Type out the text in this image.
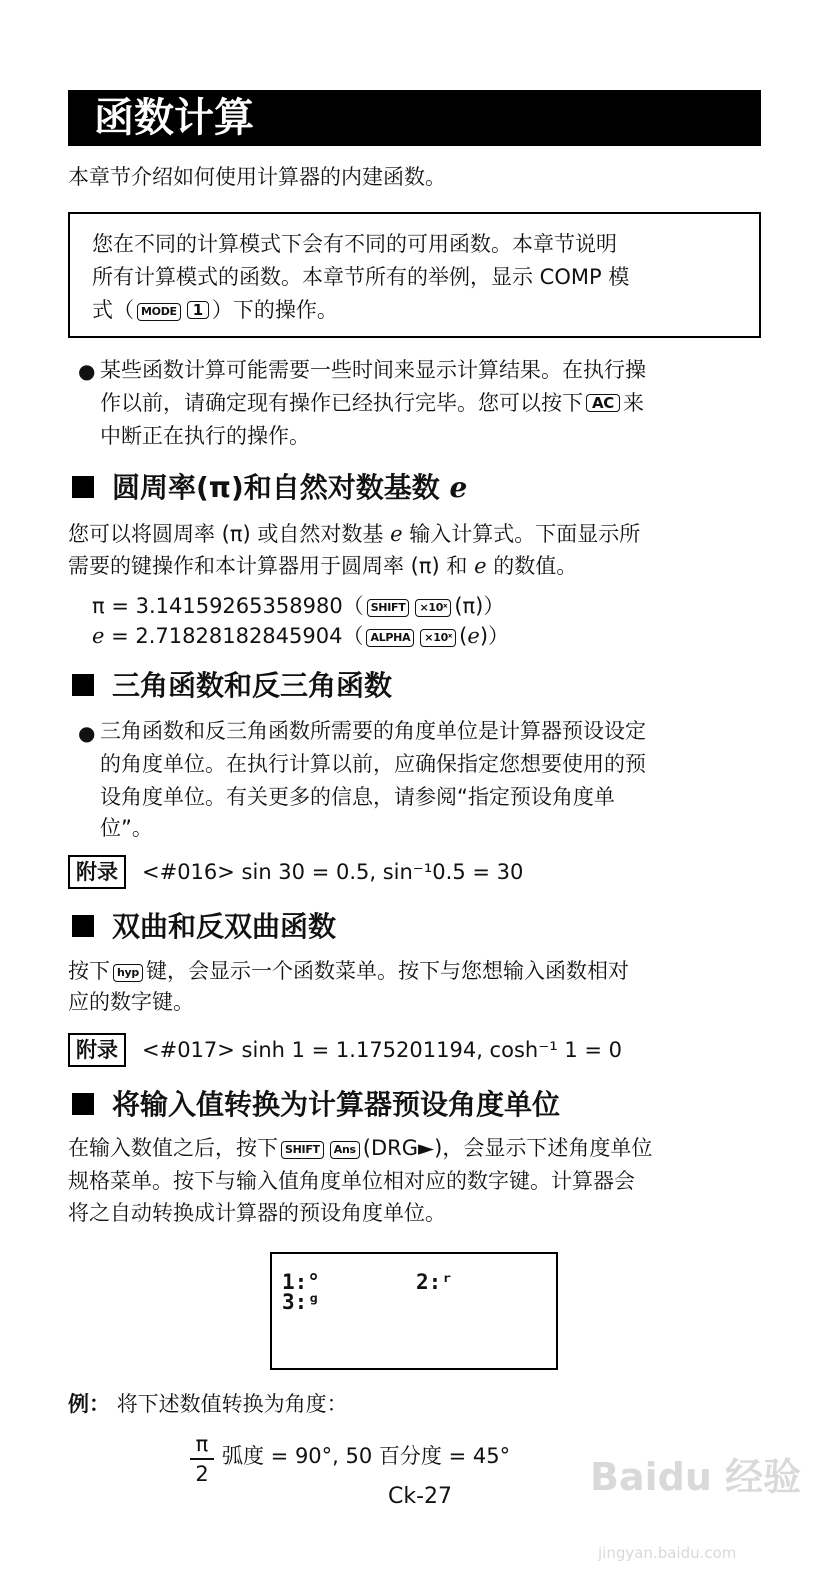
函数计算
本章节介绍如何使用计算器的内建函数。
您在不同的计算模式下会有不同的可用函数。本章节说明
所有计算模式的函数。本章节所有的举例，显示 COMP 模
式（ MODE 1 ）下的操作。
● 某些函数计算可能需要一些时间来显示计算结果。在执行操
作以前，请确定现有操作已经执行完毕。您可以按下 AC 来
中断正在执行的操作。
圆周率(π)和自然对数基数 e
您可以将圆周率 (π) 或自然对数基 e 输入计算式。下面显示所
需要的键操作和本计算器用于圆周率 (π) 和 e 的数值。
π = 3.14159265358980（ SHIFT ×10ˣ (π)）
e = 2.71828182845904（ ALPHA ×10ˣ (e)）
三角函数和反三角函数
● 三角函数和反三角函数所需要的角度单位是计算器预设设定
的角度单位。在执行计算以前，应确保指定您想要使用的预
设角度单位。有关更多的信息，请参阅“指定预设角度单
位”。
附录 <#016> sin 30 = 0.5, sin⁻¹0.5 = 30
双曲和反双曲函数
按下 hyp 键，会显示一个函数菜单。按下与您想输入函数相对
应的数字键。
附录 <#017> sinh 1 = 1.175201194, cosh⁻¹ 1 = 0
将输入值转换为计算器预设角度单位
在输入数值之后，按下 SHIFT Ans (DRG►)，会显示下述角度单位
规格菜单。按下与输入值角度单位相对应的数字键。计算器会
将之自动转换成计算器的预设角度单位。
1:°	2:ʳ
3:ᵍ
例： 将下述数值转换为角度：
π
2
弧度 = 90°, 50 百分度 = 45° Baidu 经验
jingyan.baidu.com
Ck-27
